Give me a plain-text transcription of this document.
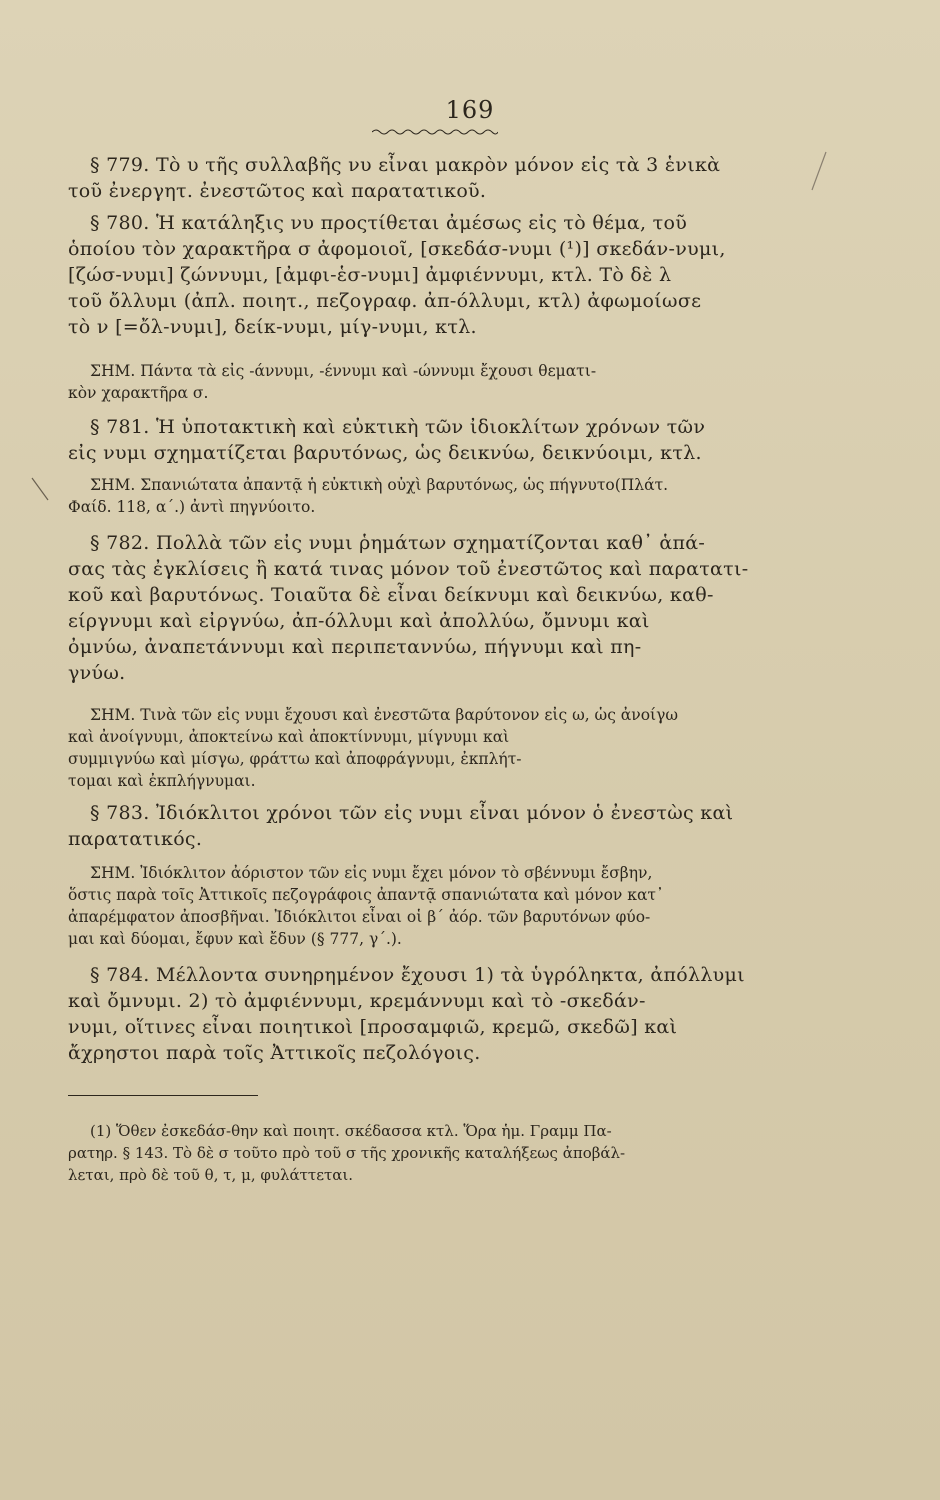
169
§ 779. Τὸ υ τῆς συλλαβῆς νυ εἶναι μακρὸν μόνον εἰς τὰ 3 ἑνικὰ
τοῦ ἐνεργητ. ἐνεστῶτος καὶ παρατατικοῦ.
§ 780. Ἡ κατάληξις νυ προςτίθεται ἀμέσως εἰς τὸ θέμα, τοῦ
ὁποίου τὸν χαρακτῆρα σ ἀφομοιοῖ, [σκεδάσ-νυμι (¹)] σκεδάν-νυμι,
[ζώσ-νυμι] ζώννυμι, [ἀμφι-ἑσ-νυμι] ἀμφιέννυμι, κτλ. Τὸ δὲ λ
τοῦ ὄλλυμι (ἀπλ. ποιητ., πεζογραφ. ἀπ-όλλυμι, κτλ) ἀφωμοίωσε
τὸ ν [=ὄλ-νυμι], δείκ-νυμι, μίγ-νυμι, κτλ.
ΣΗΜ. Πάντα τὰ εἰς -άννυμι, -έννυμι καὶ -ώννυμι ἔχουσι θεματι-
κὸν χαρακτῆρα σ.
§ 781. Ἡ ὑποτακτικὴ καὶ εὐκτικὴ τῶν ἰδιοκλίτων χρόνων τῶν
εἰς νυμι σχηματίζεται βαρυτόνως, ὡς δεικνύω, δεικνύοιμι, κτλ.
ΣΗΜ. Σπανιώτατα ἀπαντᾷ ἡ εὐκτικὴ οὐχὶ βαρυτόνως, ὡς πήγνυτο(Πλάτ.
Φαίδ. 118, α΄.) ἀντὶ πηγνύοιτο.
§ 782. Πολλὰ τῶν εἰς νυμι ῥημάτων σχηματίζονται καθ᾽ ἁπά-
σας τὰς ἐγκλίσεις ἢ κατά τινας μόνον τοῦ ἐνεστῶτος καὶ παρατατι-
κοῦ καὶ βαρυτόνως. Τοιαῦτα δὲ εἶναι δείκνυμι καὶ δεικνύω, καθ-
είργνυμι καὶ εἰργνύω, ἀπ-όλλυμι καὶ ἀπολλύω, ὄμνυμι καὶ
ὀμνύω, ἀναπετάννυμι καὶ περιπεταννύω, πήγνυμι καὶ πη-
γνύω.
ΣΗΜ. Τινὰ τῶν εἰς νυμι ἔχουσι καὶ ἐνεστῶτα βαρύτονον εἰς ω, ὡς ἀνοίγω
καὶ ἀνοίγνυμι, ἀποκτείνω καὶ ἀποκτίννυμι, μίγνυμι καὶ
συμμιγνύω καὶ μίσγω, φράττω καὶ ἀποφράγνυμι, ἐκπλήτ-
τομαι καὶ ἐκπλήγνυμαι.
§ 783. Ἰδιόκλιτοι χρόνοι τῶν εἰς νυμι εἶναι μόνον ὁ ἐνεστὼς καὶ
παρατατικός.
ΣΗΜ. Ἰδιόκλιτον ἀόριστον τῶν εἰς νυμι ἔχει μόνον τὸ σβέννυμι ἔσβην,
ὅστις παρὰ τοῖς Ἀττικοῖς πεζογράφοις ἀπαντᾷ σπανιώτατα καὶ μόνον κατ᾽
ἀπαρέμφατον ἀποσβῆναι. Ἰδιόκλιτοι εἶναι οἱ β΄ ἀόρ. τῶν βαρυτόνων φύο-
μαι καὶ δύομαι, ἔφυν καὶ ἔδυν (§ 777, γ΄.).
§ 784. Μέλλοντα συνηρημένον ἔχουσι 1) τὰ ὑγρόληκτα, ἀπόλλυμι
καὶ ὄμνυμι. 2) τὸ ἀμφιέννυμι, κρεμάννυμι καὶ τὸ -σκεδάν-
νυμι, οἵτινες εἶναι ποιητικοὶ [προσαμφιῶ, κρεμῶ, σκεδῶ] καὶ
ἄχρηστοι παρὰ τοῖς Ἀττικοῖς πεζολόγοις.
(1) Ὅθεν ἐσκεδάσ-θην καὶ ποιητ. σκέδασσα κτλ. Ὅρα ἡμ. Γραμμ Πα-
ρατηρ. § 143. Τὸ δὲ σ τοῦτο πρὸ τοῦ σ τῆς χρονικῆς καταλήξεως ἀποβάλ-
λεται, πρὸ δὲ τοῦ θ, τ, μ, φυλάττεται.
